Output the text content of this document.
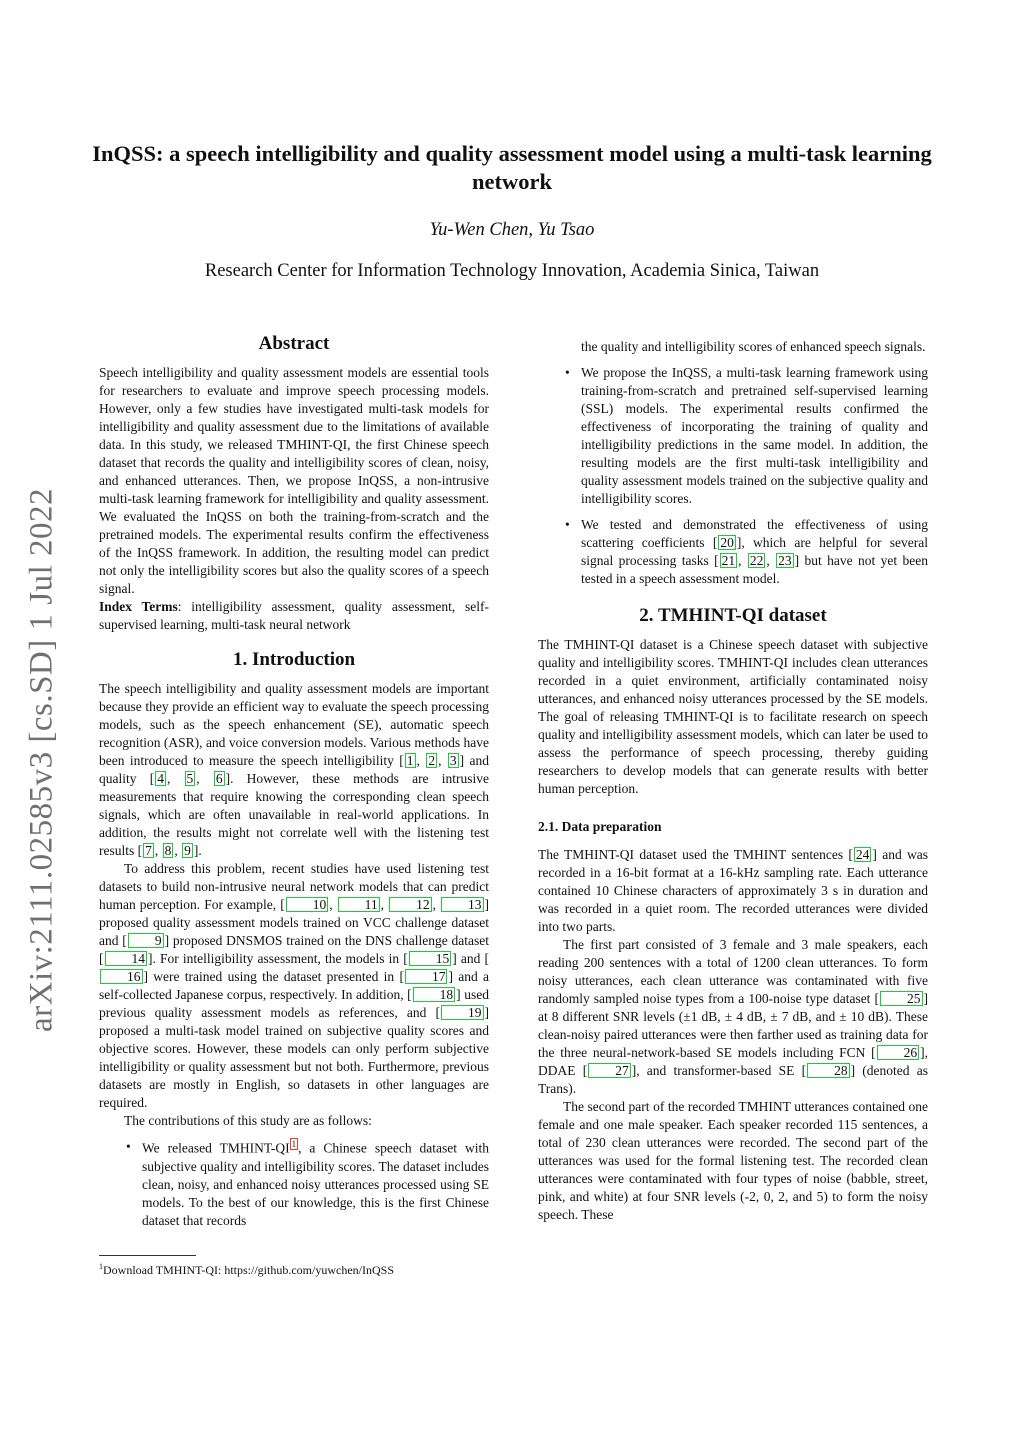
arXiv:2111.02585v3 [cs.SD] 1 Jul 2022
InQSS: a speech intelligibility and quality assessment model using a multi-task learning network

Yu-Wen Chen, Yu Tsao

Research Center for Information Technology Innovation, Academia Sinica, Taiwan

Abstract

Speech intelligibility and quality assessment models are essential tools for researchers to evaluate and improve speech processing models. However, only a few studies have investigated multi-task models for intelligibility and quality assessment due to the limitations of available data. In this study, we released TMHINT-QI, the first Chinese speech dataset that records the quality and intelligibility scores of clean, noisy, and enhanced utterances. Then, we propose InQSS, a non-intrusive multi-task learning framework for intelligibility and quality assessment. We evaluated the InQSS on both the training-from-scratch and the pretrained models. The experimental results confirm the effectiveness of the InQSS framework. In addition, the resulting model can predict not only the intelligibility scores but also the quality scores of a speech signal.

Index Terms: intelligibility assessment, quality assessment, self-supervised learning, multi-task neural network

1. Introduction

The speech intelligibility and quality assessment models are important because they provide an efficient way to evaluate the speech processing models, such as the speech enhancement (SE), automatic speech recognition (ASR), and voice conversion models. Various methods have been introduced to measure the speech intelligibility [ 1 , 2 , 3 ] and quality [ 4 , 5 , 6 ]. However, these methods are intrusive measurements that require knowing the corresponding clean speech signals, which are often unavailable in real-world applications. In addition, the results might not correlate well with the listening test results [ 7 , 8 , 9 ].

To address this problem, recent studies have used listening test datasets to build non-intrusive neural network models that can predict human perception. For example, [ 10 , 11 , 12 , 13 ] proposed quality assessment models trained on VCC challenge dataset and [ 9 ] proposed DNSMOS trained on the DNS challenge dataset [ 14 ]. For intelligibility assessment, the models in [ 15 ] and [16 ] were trained using the dataset presented in [ 17 ] and a self-collected Japanese corpus, respectively. In addition, [ 18 ] used previous quality assessment models as references, and [ 19 ] proposed a multi-task model trained on subjective quality scores and objective scores. However, these models can only perform subjective intelligibility or quality assessment but not both. Furthermore, previous datasets are mostly in English, so datasets in other languages are required.

The contributions of this study are as follows:

• We released TMHINT-QI 1 , a Chinese speech dataset with subjective quality and intelligibility scores. The dataset includes clean, noisy, and enhanced noisy utterances processed using SE models. To the best of our knowledge, this is the first Chinese dataset that records
the quality and intelligibility scores of enhanced speech signals.
• We propose the InQSS, a multi-task learning framework using training-from-scratch and pretrained self-supervised learning (SSL) models. The experimental results confirmed the effectiveness of incorporating the training of quality and intelligibility predictions in the same model. In addition, the resulting models are the first multi-task intelligibility and quality assessment models trained on the subjective quality and intelligibility scores.
• We tested and demonstrated the effectiveness of using scattering coefficients [ 20 ], which are helpful for several signal processing tasks [ 21 , 22 , 23 ] but have not yet been tested in a speech assessment model.
2. TMHINT-QI dataset

The TMHINT-QI dataset is a Chinese speech dataset with subjective quality and intelligibility scores. TMHINT-QI includes clean utterances recorded in a quiet environment, artificially contaminated noisy utterances, and enhanced noisy utterances processed by the SE models. The goal of releasing TMHINT-QI is to facilitate research on speech quality and intelligibility assessment models, which can later be used to assess the performance of speech processing, thereby guiding researchers to develop models that can generate results with better human perception.

2.1. Data preparation

The TMHINT-QI dataset used the TMHINT sentences [ 24 ] and was recorded in a 16-bit format at a 16-kHz sampling rate. Each utterance contained 10 Chinese characters of approximately 3 s in duration and was recorded in a quiet room. The recorded utterances were divided into two parts.

The first part consisted of 3 female and 3 male speakers, each reading 200 sentences with a total of 1200 clean utterances. To form noisy utterances, each clean utterance was contaminated with five randomly sampled noise types from a 100-noise type dataset [ 25 ] at 8 different SNR levels (±1 dB, ± 4 dB, ± 7 dB, and ± 10 dB). These clean-noisy paired utterances were then farther used as training data for the three neural-network-based SE models including FCN [ 26 ], DDAE [ 27 ], and transformer-based SE [ 28 ] (denoted as Trans).

The second part of the recorded TMHINT utterances contained one female and one male speaker. Each speaker recorded 115 sentences, a total of 230 clean utterances were recorded. The second part of the utterances was used for the formal listening test. The recorded clean utterances were contaminated with four types of noise (babble, street, pink, and white) at four SNR levels (-2, 0, 2, and 5) to form the noisy speech. These

$^1$Download TMHINT-QI: https://github.com/yuwchen/InQSS
